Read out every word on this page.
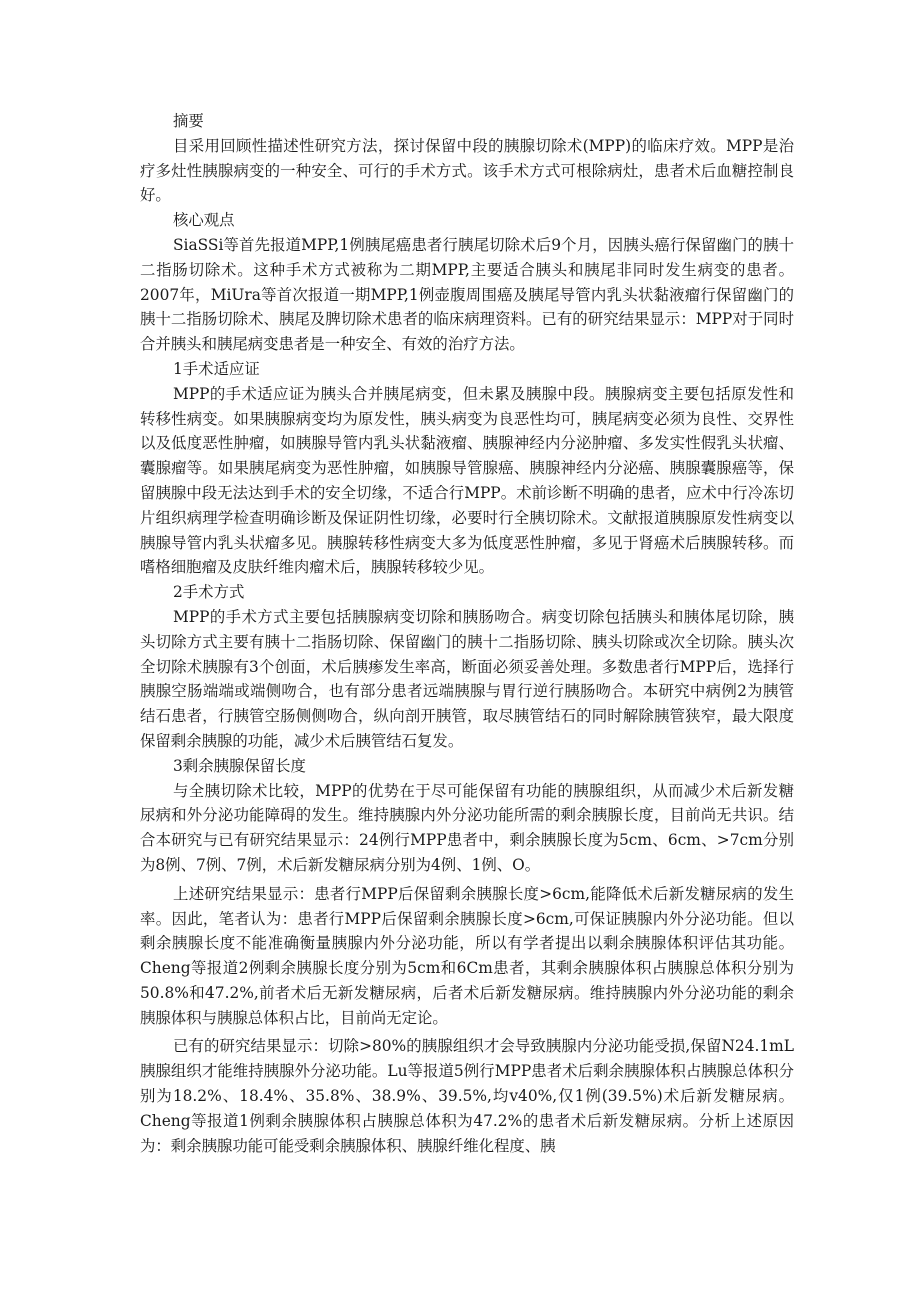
摘要

目采用回顾性描述性研究方法，探讨保留中段的胰腺切除术(MPP)的临床疗效。MPP是治疗多灶性胰腺病变的一种安全、可行的手术方式。该手术方式可根除病灶，患者术后血糖控制良好。

核心观点

SiaSSi等首先报道MPP,1例胰尾癌患者行胰尾切除术后9个月，因胰头癌行保留幽门的胰十二指肠切除术。这种手术方式被称为二期MPP,主要适合胰头和胰尾非同时发生病变的患者。2007年，MiUra等首次报道一期MPP,1例壶腹周围癌及胰尾导管内乳头状黏液瘤行保留幽门的胰十二指肠切除术、胰尾及脾切除术患者的临床病理资料。已有的研究结果显示：MPP对于同时合并胰头和胰尾病变患者是一种安全、有效的治疗方法。

1手术适应证

MPP的手术适应证为胰头合并胰尾病变，但未累及胰腺中段。胰腺病变主要包括原发性和转移性病变。如果胰腺病变均为原发性，胰头病变为良恶性均可，胰尾病变必须为良性、交界性以及低度恶性肿瘤，如胰腺导管内乳头状黏液瘤、胰腺神经内分泌肿瘤、多发实性假乳头状瘤、囊腺瘤等。如果胰尾病变为恶性肿瘤，如胰腺导管腺癌、胰腺神经内分泌癌、胰腺囊腺癌等，保留胰腺中段无法达到手术的安全切缘，不适合行MPP。术前诊断不明确的患者，应术中行冷冻切片组织病理学检查明确诊断及保证阴性切缘，必要时行全胰切除术。文献报道胰腺原发性病变以胰腺导管内乳头状瘤多见。胰腺转移性病变大多为低度恶性肿瘤，多见于肾癌术后胰腺转移。而嗜格细胞瘤及皮肤纤维肉瘤术后，胰腺转移较少见。

2手术方式

MPP的手术方式主要包括胰腺病变切除和胰肠吻合。病变切除包括胰头和胰体尾切除，胰头切除方式主要有胰十二指肠切除、保留幽门的胰十二指肠切除、胰头切除或次全切除。胰头次全切除术胰腺有3个创面，术后胰瘆发生率高，断面必须妥善处理。多数患者行MPP后，选择行胰腺空肠端端或端侧吻合，也有部分患者远端胰腺与胃行逆行胰肠吻合。本研究中病例2为胰管结石患者，行胰管空肠侧侧吻合，纵向剖开胰管，取尽胰管结石的同时解除胰管狭窄，最大限度保留剩余胰腺的功能，减少术后胰管结石复发。

3剩余胰腺保留长度

与全胰切除术比较，MPP的优势在于尽可能保留有功能的胰腺组织，从而减少术后新发糖尿病和外分泌功能障碍的发生。维持胰腺内外分泌功能所需的剩余胰腺长度，目前尚无共识。结合本研究与已有研究结果显示：24例行MPP患者中，剩余胰腺长度为5cm、6cm、>7cm分别为8例、7例、7例，术后新发糖尿病分别为4例、1例、O。

上述研究结果显示：患者行MPP后保留剩余胰腺长度>6cm,能降低术后新发糖尿病的发生率。因此，笔者认为：患者行MPP后保留剩余胰腺长度>6cm,可保证胰腺内外分泌功能。但以剩余胰腺长度不能准确衡量胰腺内外分泌功能，所以有学者提出以剩余胰腺体积评估其功能。Cheng等报道2例剩余胰腺长度分别为5cm和6Cm患者，其剩余胰腺体积占胰腺总体积分别为50.8%和47.2%,前者术后无新发糖尿病，后者术后新发糖尿病。维持胰腺内外分泌功能的剩余胰腺体积与胰腺总体积占比，目前尚无定论。

已有的研究结果显示：切除>80%的胰腺组织才会导致胰腺内分泌功能受损,保留N24.1mL胰腺组织才能维持胰腺外分泌功能。Lu等报道5例行MPP患者术后剩余胰腺体积占胰腺总体积分别为18.2%、18.4%、35.8%、38.9%、39.5%,均v40%,仅1例(39.5%)术后新发糖尿病。Cheng等报道1例剩余胰腺体积占胰腺总体积为47.2%的患者术后新发糖尿病。分析上述原因为：剩余胰腺功能可能受剩余胰腺体积、胰腺纤维化程度、胰
